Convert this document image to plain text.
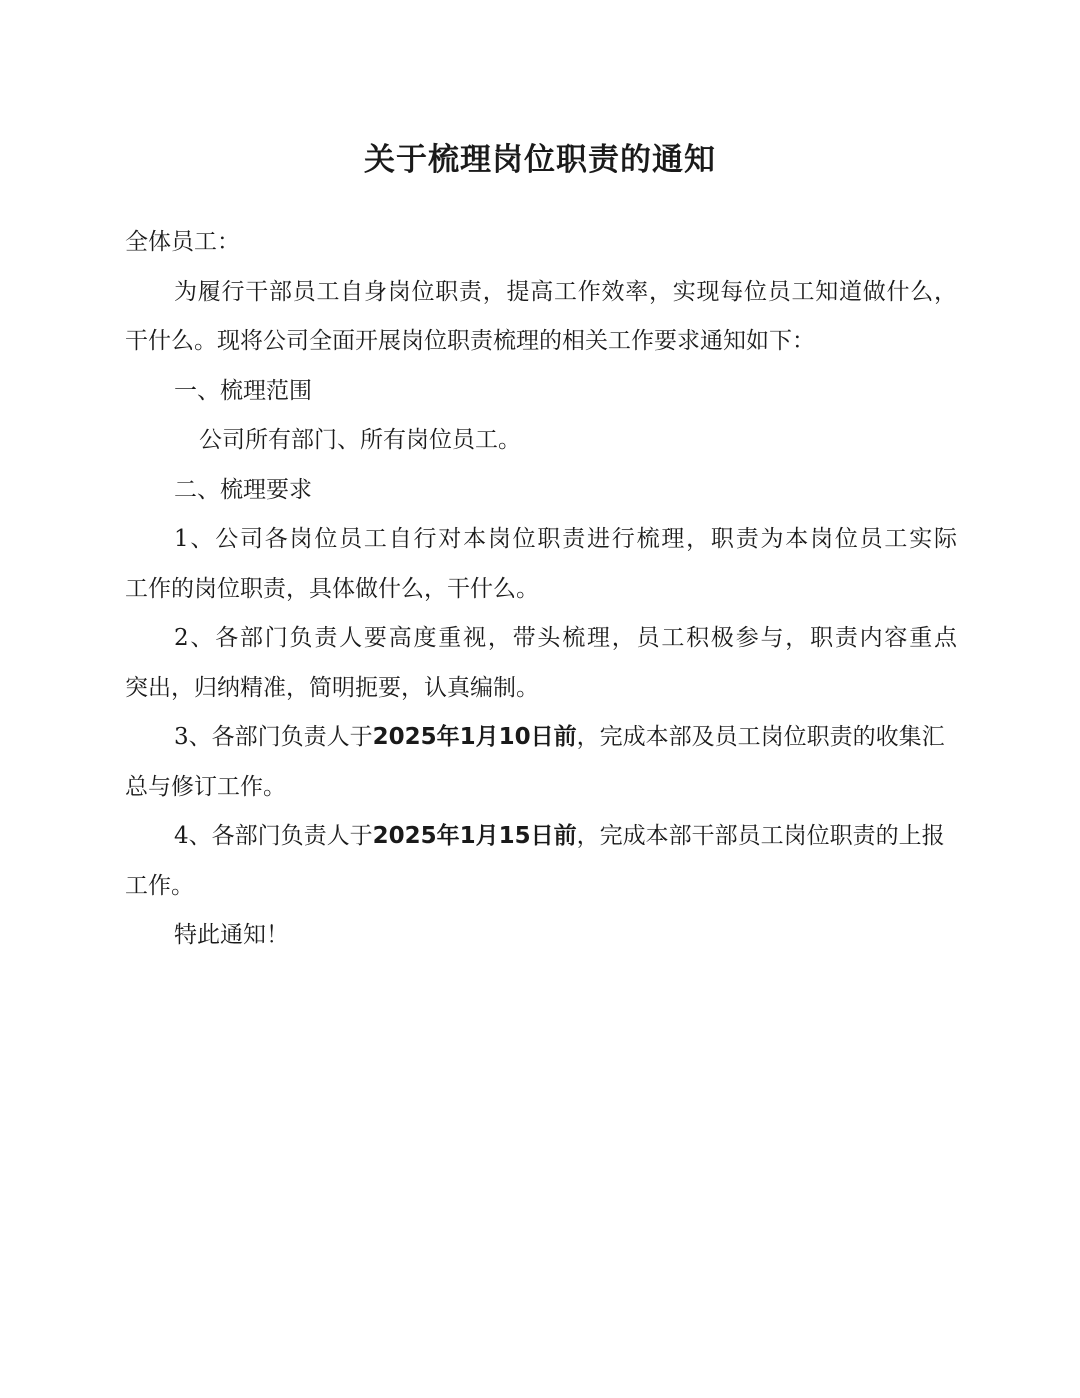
关于梳理岗位职责的通知
全体员工：
为履行干部员工自身岗位职责，提高工作效率，实现每位员工知道做什么，
干什么。现将公司全面开展岗位职责梳理的相关工作要求通知如下：
一、梳理范围
公司所有部门、所有岗位员工。
二、梳理要求
1、公司各岗位员工自行对本岗位职责进行梳理，职责为本岗位员工实际
工作的岗位职责，具体做什么，干什么。
2、各部门负责人要高度重视，带头梳理，员工积极参与，职责内容重点
突出，归纳精准，简明扼要，认真编制。
3、各部门负责人于2025年1月10日前，完成本部及员工岗位职责的收集汇
总与修订工作。
4、各部门负责人于2025年1月15日前，完成本部干部员工岗位职责的上报
工作。
特此通知！
